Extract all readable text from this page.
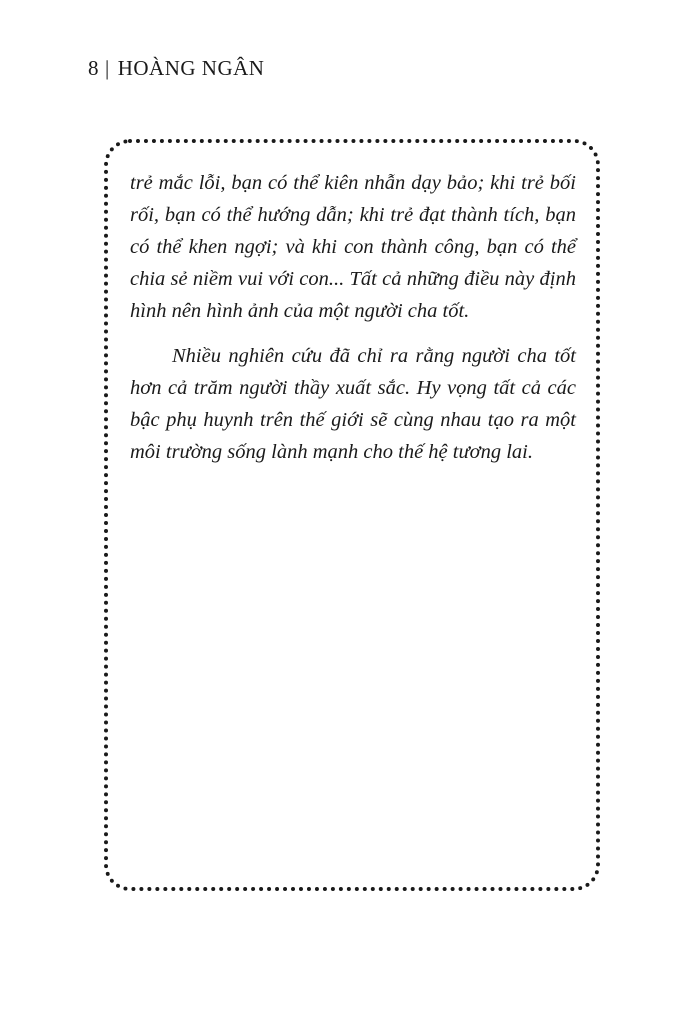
8 | HOÀNG NGÂN

trẻ mắc lỗi, bạn có thể kiên nhẫn dạy bảo; khi trẻ bối rối, bạn có thể hướng dẫn; khi trẻ đạt thành tích, bạn có thể khen ngợi; và khi con thành công, bạn có thể chia sẻ niềm vui với con... Tất cả những điều này định hình nên hình ảnh của một người cha tốt.

Nhiều nghiên cứu đã chỉ ra rằng người cha tốt hơn cả trăm người thầy xuất sắc. Hy vọng tất cả các bậc phụ huynh trên thế giới sẽ cùng nhau tạo ra một môi trường sống lành mạnh cho thế hệ tương lai.
